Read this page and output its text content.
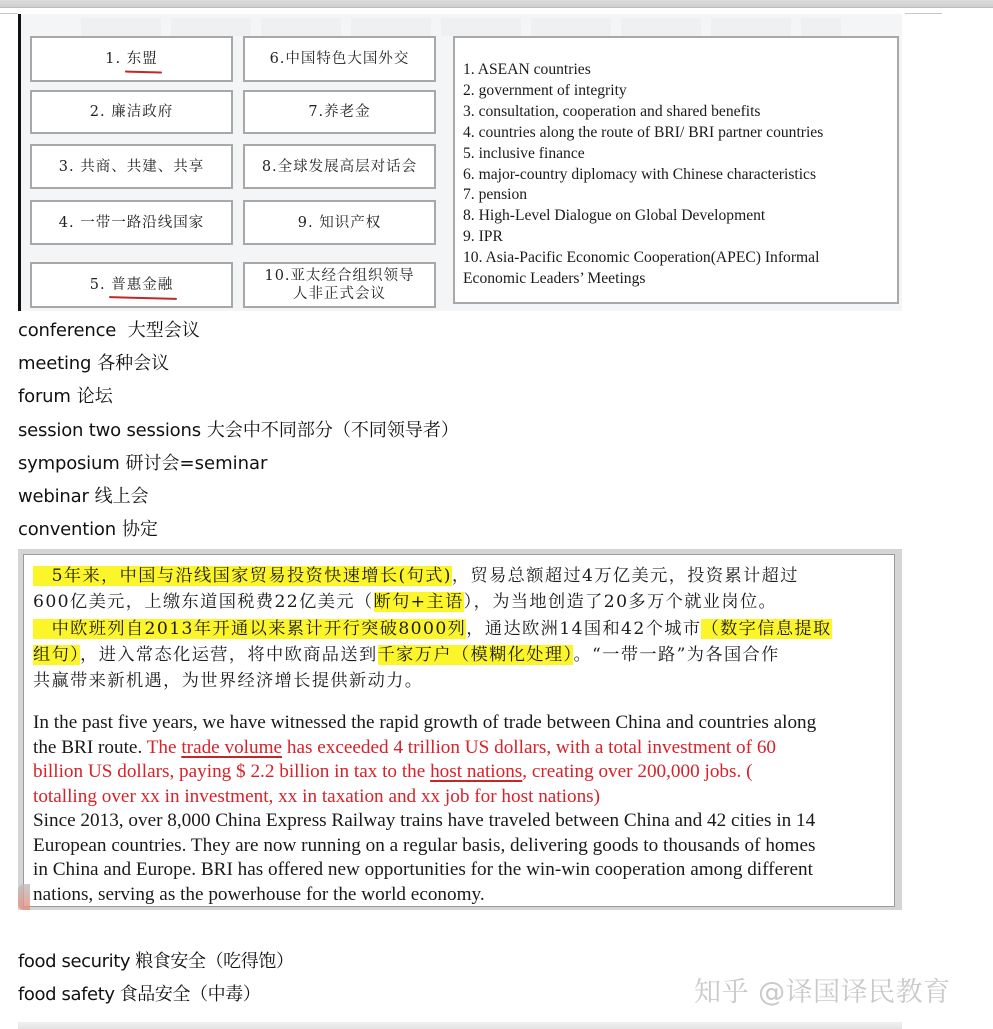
1.
东盟
2.
廉洁政府
3.
共商、共建、共享
4.
一带一路沿线国家
5.
普惠金融
6. 中国特色大国外交
7. 养老金
8. 全球发展高层对话会
9.
知识产权
10.亚太经合组织领导
人非正式会议
1. ASEAN countries
2. government of integrity
3. consultation, cooperation and shared benefits
4. countries along the route of BRI/ BRI partner countries
5. inclusive finance
6. major-country diplomacy with Chinese characteristics
7. pension
8. High-Level Dialogue on Global Development
9. IPR
10. Asia-Pacific Economic Cooperation(APEC) Informal
Economic Leaders’ Meetings
conference 大型会议
meeting 各种会议
forum 论坛
session two sessions 大会中不同部分（不同领导者）
symposium 研讨会=seminar
webinar 线上会
convention 协定
　5年来，中国与沿线国家贸易投资快速增长(句式)，贸易总额超过4万亿美元，投资累计超过
600亿美元，上缴东道国税费22亿美元（断句+主语），为当地创造了20多万个就业岗位。
　中欧班列自2013年开通以来累计开行突破8000列，通达欧洲14国和42个城市（数字信息提取
组句），进入常态化运营，将中欧商品送到千家万户（模糊化处理）。“一带一路”为各国合作
共赢带来新机遇，为世界经济增长提供新动力。
In the past five years, we have witnessed the rapid growth of trade between China and countries along
the BRI route. The trade volume has exceeded 4 trillion US dollars, with a total investment of 60
billion US dollars, paying $ 2.2 billion in tax to the host nations, creating over 200,000 jobs. (
totalling over xx in investment, xx in taxation and xx job for host nations)
Since 2013, over 8,000 China Express Railway trains have traveled between China and 42 cities in 14
European countries. They are now running on a regular basis, delivering goods to thousands of homes
in China and Europe. BRI has offered new opportunities for the win-win cooperation among different
nations, serving as the powerhouse for the world economy.
food security 粮食安全（吃得饱）
food safety 食品安全（中毒）	知乎 @译国译民教育
